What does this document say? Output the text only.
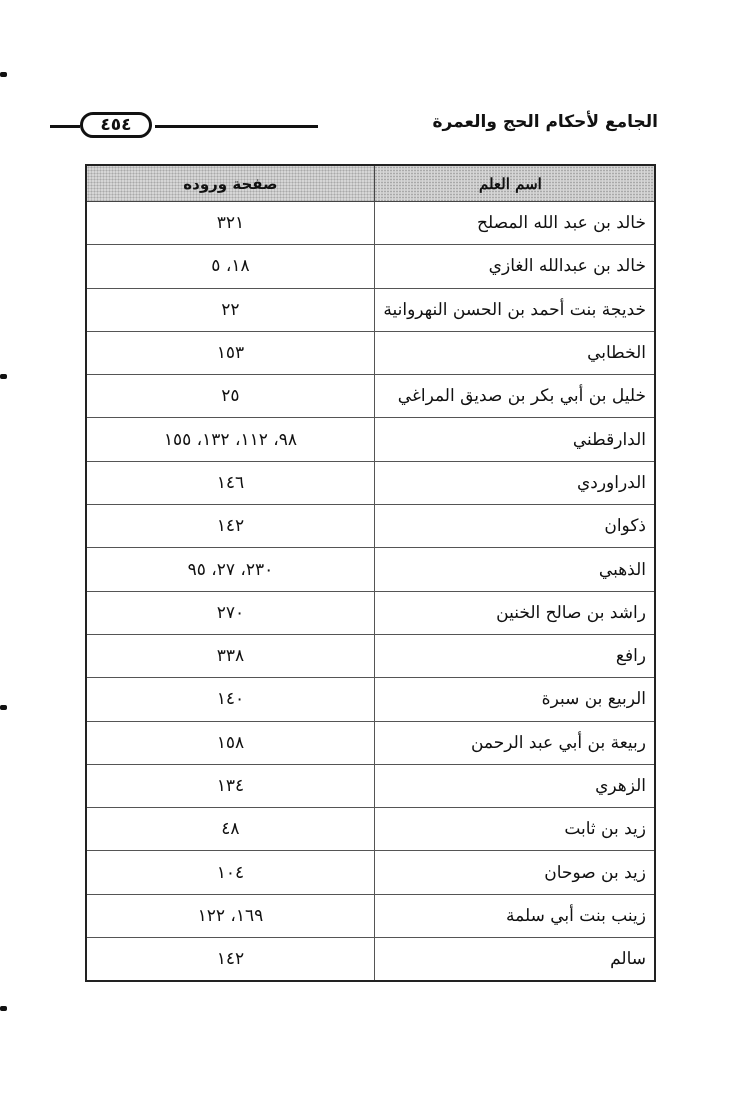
٤٥٤	الجامع لأحكام الحج والعمرة
اسم العلم	صفحة وروده
خالد بن عبد الله المصلح	٣٢١
خالد بن عبدالله الغازي	١٨، ٥
خديجة بنت أحمد بن الحسن النهروانية	٢٢
الخطابي	١٥٣
خليل بن أبي بكر بن صديق المراغي	٢٥
الدارقطني	٩٨، ١١٢، ١٣٢، ١٥٥
الدراوردي	١٤٦
ذكوان	١٤٢
الذهبي	٢٣٠، ٢٧، ٩٥
راشد بن صالح الخنين	٢٧٠
رافع	٣٣٨
الربيع بن سبرة	١٤٠
ربيعة بن أبي عبد الرحمن	١٥٨
الزهري	١٣٤
زيد بن ثابت	٤٨
زيد بن صوحان	١٠٤
زينب بنت أبي سلمة	١٦٩، ١٢٢
سالم	١٤٢
